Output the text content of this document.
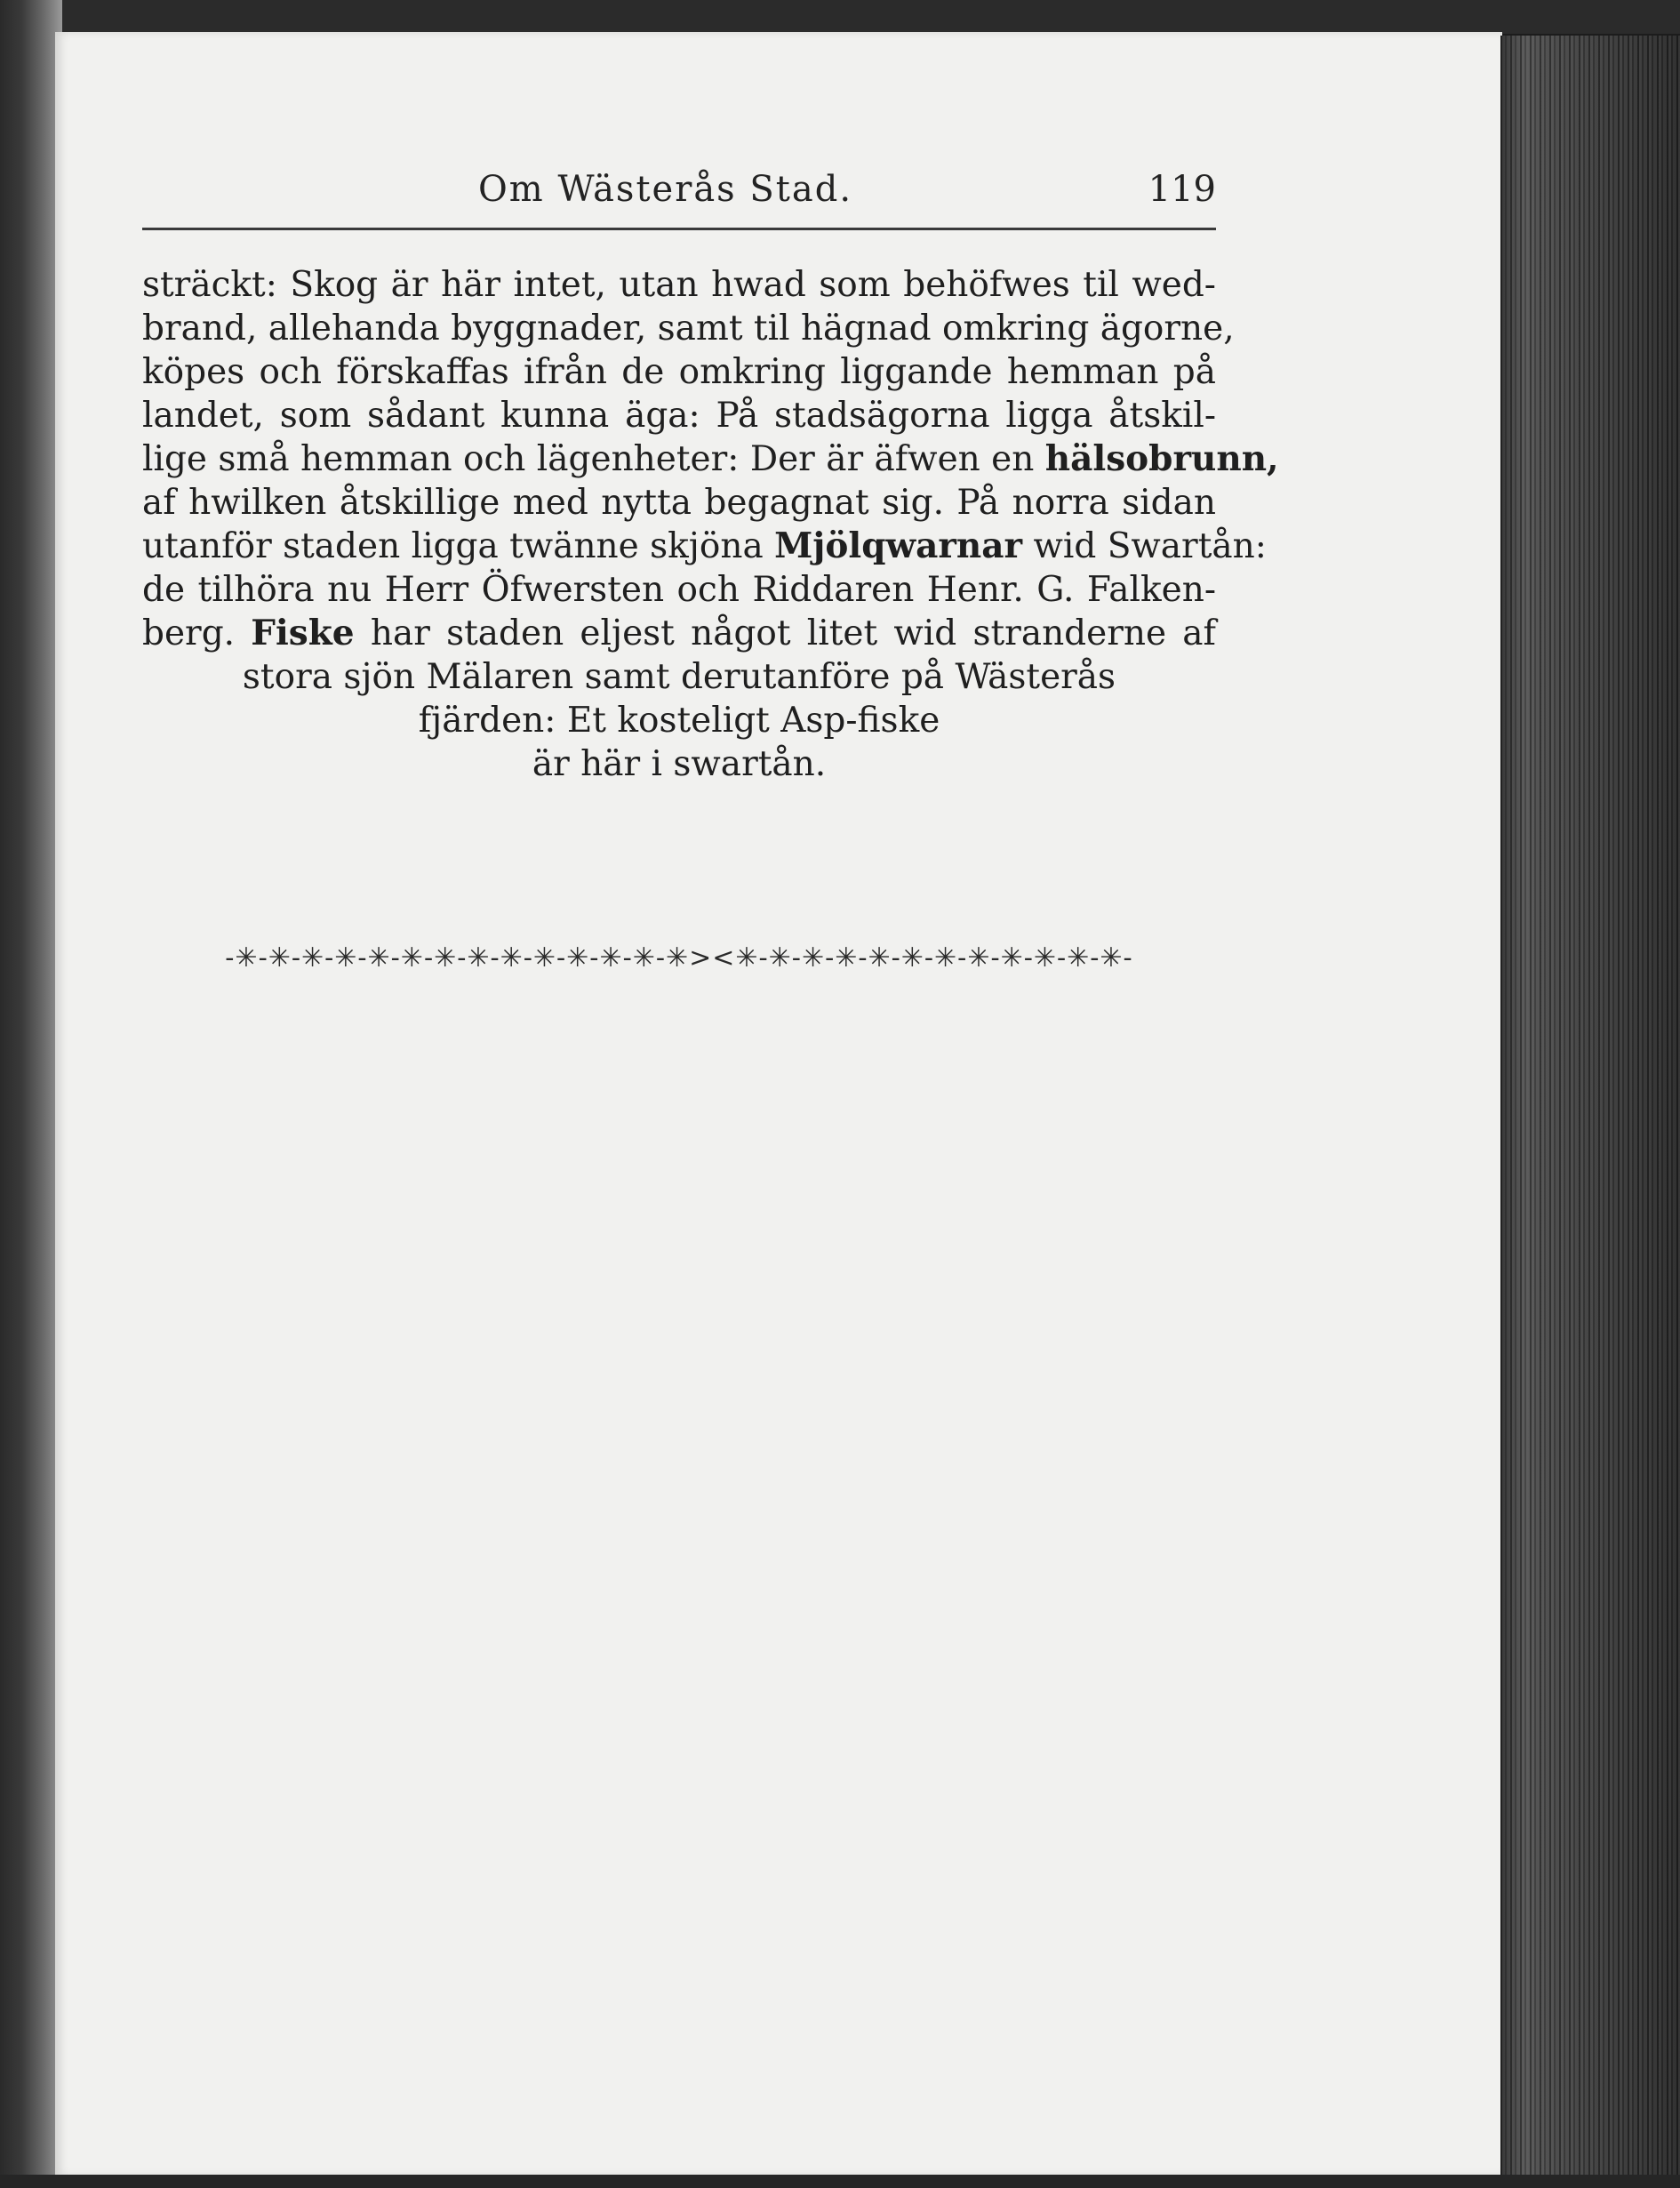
Om Wästerås Stad.	119
sträckt: Skog är här intet, utan hwad som behöfwes til wed-
brand, allehanda byggnader, samt til hägnad omkring ägorne,
köpes och förskaffas ifrån de omkring liggande hemman på
landet, som sådant kunna äga: På stadsägorna ligga åtskil-
lige små hemman och lägenheter: Der är äfwen en hälsobrunn,
af hwilken åtskillige med nytta begagnat sig. På norra sidan
utanför staden ligga twänne skjöna Mjölqwarnar wid Swartån:
de tilhöra nu Herr Öfwersten och Riddaren Henr. G. Falken-
berg. Fiske har staden eljest något litet wid stranderne af
stora sjön Mälaren samt derutanföre på Wästerås
fjärden: Et kosteligt Asp-fiske
är här i swartån.
-✳-✳-✳-✳-✳-✳-✳-✳-✳-✳-✳-✳-✳-✳><✳-✳-✳-✳-✳-✳-✳-✳-✳-✳-✳-✳-
